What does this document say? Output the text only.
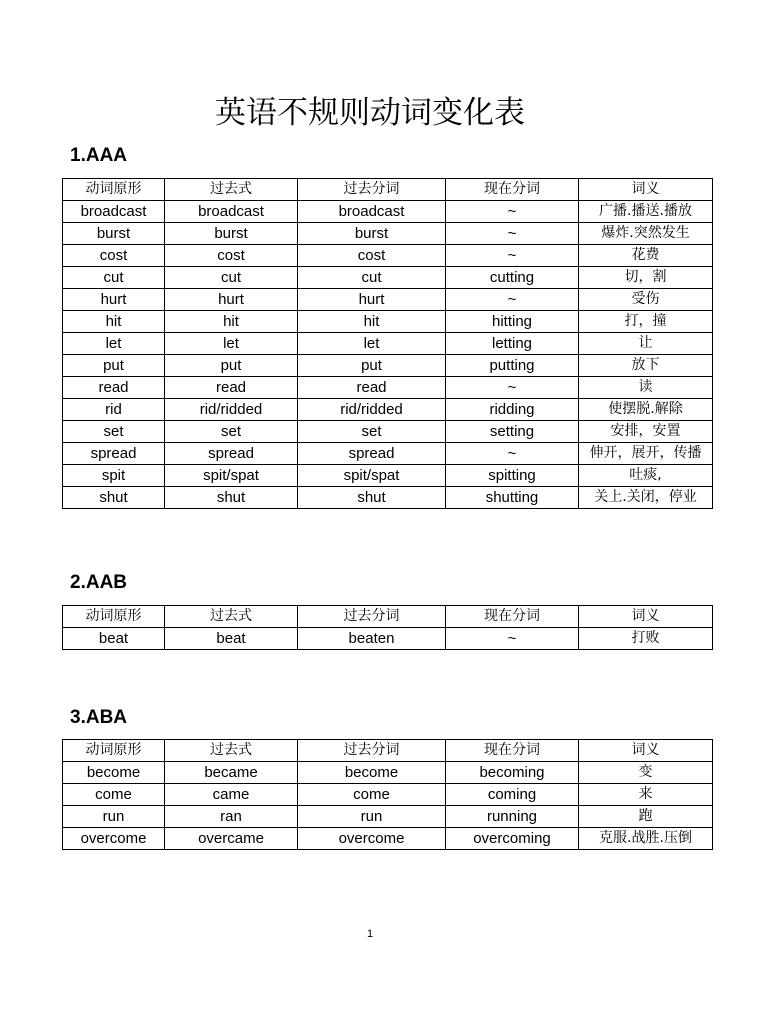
英语不规则动词变化表
1.AAA
动词原形	过去式	过去分词	现在分词	词义
broadcast	broadcast	broadcast	~	广播.播送.播放
burst	burst	burst	~	爆炸.突然发生
cost	cost	cost	~	花费
cut	cut	cut	cutting	切，割
hurt	hurt	hurt	~	受伤
hit	hit	hit	hitting	打，撞
let	let	let	letting	让
put	put	put	putting	放下
read	read	read	~	读
rid	rid/ridded	rid/ridded	ridding	使摆脱.解除
set	set	set	setting	安排，安置
spread	spread	spread	~	伸开，展开，传播
spit	spit/spat	spit/spat	spitting	吐痰,
shut	shut	shut	shutting	关上.关闭，停业
2.AAB
动词原形	过去式	过去分词	现在分词	词义
beat	beat	beaten	~	打败
3.ABA
动词原形	过去式	过去分词	现在分词	词义
become	became	become	becoming	变
come	came	come	coming	来
run	ran	run	running	跑
overcome	overcame	overcome	overcoming	克服.战胜.压倒
1
